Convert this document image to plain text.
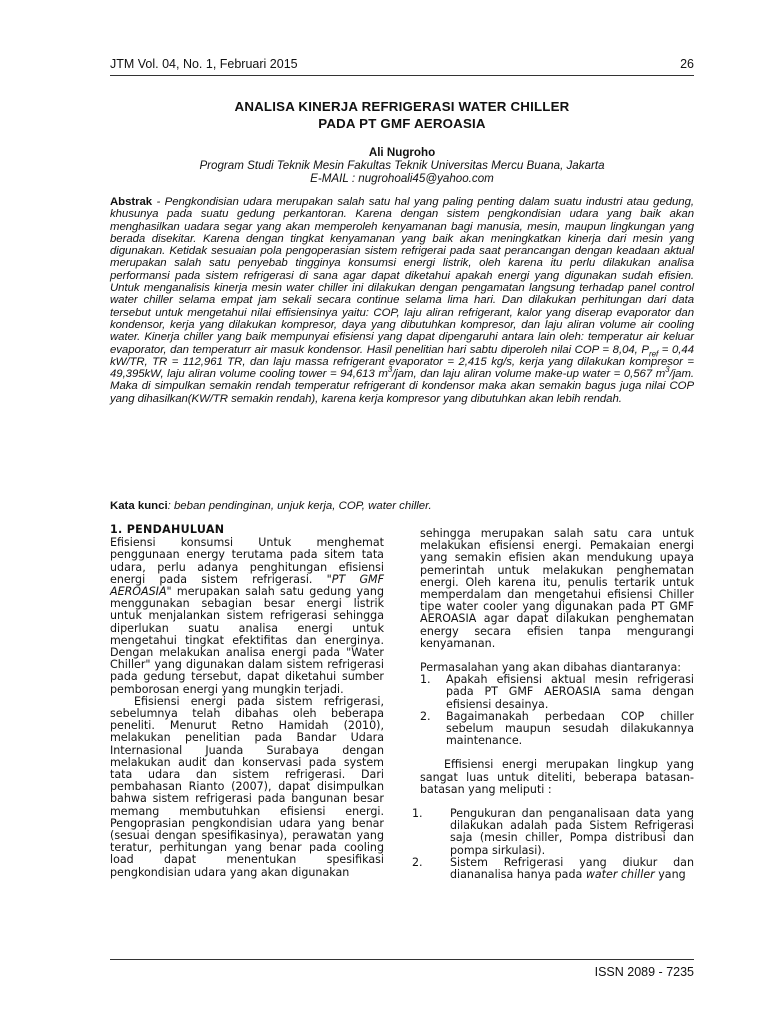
JTM Vol. 04, No. 1, Februari 2015	26
ANALISA KINERJA REFRIGERASI WATER CHILLER
PADA PT GMF AEROASIA
Ali Nugroho
Program Studi Teknik Mesin Fakultas Teknik Universitas Mercu Buana, Jakarta
E-MAIL : nugrohoali45@yahoo.com
Abstrak - Pengkondisian udara merupakan salah satu hal yang paling penting dalam suatu industri atau gedung, khusunya pada suatu gedung perkantoran. Karena dengan sistem pengkondisian udara yang baik akan menghasilkan uadara segar yang akan memperoleh kenyamanan bagi manusia, mesin, maupun lingkungan yang berada disekitar. Karena dengan tingkat kenyamanan yang baik akan meningkatkan kinerja dari mesin yang digunakan. Ketidak sesuaian pola pengoperasian sistem refrigerai pada saat perancangan dengan keadaan aktual merupakan salah satu penyebab tingginya konsumsi energi listrik, oleh karena itu perlu dilakukan analisa performansi pada sistem refrigerasi di sana agar dapat diketahui apakah energi yang digunakan sudah efisien. Untuk menganalisis kinerja mesin water chiller ini dilakukan dengan pengamatan langsung terhadap panel control water chiller selama empat jam sekali secara continue selama lima hari. Dan dilakukan perhitungan dari data tersebut untuk mengetahui nilai effisiensinya yaitu: COP, laju aliran refrigerant, kalor yang diserap evaporator dan kondensor, kerja yang dilakukan kompresor, daya yang dibutuhkan kompresor, dan laju aliran volume air cooling water. Kinerja chiller yang baik mempunyai efisiensi yang dapat dipengaruhi antara lain oleh: temperatur air keluar evaporator, dan temperaturr air masuk kondensor. Hasil penelitian hari sabtu diperoleh nilai COP = 8,04, $P_{ref} = 0,44$ kW/TR, TR = 112,961 TR, dan laju massa refrigerant evaporator = 2,415 kg/s, kerja yang dilakukan kompresor = 49,395kW, laju aliran volume cooling tower = 94,613 $m^3$/jam, dan laju aliran volume make-up water = 0,567 $m^3$/jam. Maka di simpulkan semakin rendah temperatur refrigerant di kondensor maka akan semakin bagus juga nilai COP yang dihasilkan(KW/TR semakin rendah), karena kerja kompresor yang dibutuhkan akan lebih rendah.
Kata kunci: beban pendinginan, unjuk kerja, COP, water chiller.
1. PENDAHULUAN

Efisiensi konsumsi Untuk menghemat penggunaan energy terutama pada sitem tata udara, perlu adanya penghitungan efisiensi energi pada sistem refrigerasi. "PT GMF AEROASIA" merupakan salah satu gedung yang menggunakan sebagian besar energi listrik untuk menjalankan sistem refrigerasi sehingga diperlukan suatu analisa energi untuk mengetahui tingkat efektifitas dan energinya. Dengan melakukan analisa energi pada "Water Chiller" yang digunakan dalam sistem refrigerasi pada gedung tersebut, dapat diketahui sumber pemborosan energi yang mungkin terjadi.

Efisiensi energi pada sistem refrigerasi, sebelumnya telah dibahas oleh beberapa peneliti. Menurut Retno Hamidah (2010), melakukan penelitian pada Bandar Udara Internasional Juanda Surabaya dengan melakukan audit dan konservasi pada system tata udara dan sistem refrigerasi. Dari pembahasan Rianto (2007), dapat disimpulkan bahwa sistem refrigerasi pada bangunan besar memang membutuhkan efisiensi energi. Pengoprasian pengkondisian udara yang benar (sesuai dengan spesifikasinya), perawatan yang teratur, perhitungan yang benar pada cooling load dapat menentukan spesifikasi pengkondisian udara yang akan digunakan

sehingga merupakan salah satu cara untuk melakukan efisiensi energi. Pemakaian energi yang semakin efisien akan mendukung upaya pemerintah untuk melakukan penghematan energi. Oleh karena itu, penulis tertarik untuk memperdalam dan mengetahui efisiensi Chiller tipe water cooler yang digunakan pada PT GMF AEROASIA agar dapat dilakukan penghematan energy secara efisien tanpa mengurangi kenyamanan.

Permasalahan yang akan dibahas diantaranya:

1. Apakah efisiensi aktual mesin refrigerasi pada PT GMF AEROASIA sama dengan efisiensi desainya.
2. Bagaimanakah perbedaan COP chiller sebelum maupun sesudah dilakukannya maintenance.

Effisiensi energi merupakan lingkup yang sangat luas untuk diteliti, beberapa batasan-batasan yang meliputi :

1. Pengukuran dan penganalisaan data yang dilakukan adalah pada Sistem Refrigerasi saja (mesin chiller, Pompa distribusi dan pompa sirkulasi).
2. Sistem Refrigerasi yang diukur dan diananalisa hanya pada water chiller yang
ISSN 2089 - 7235
